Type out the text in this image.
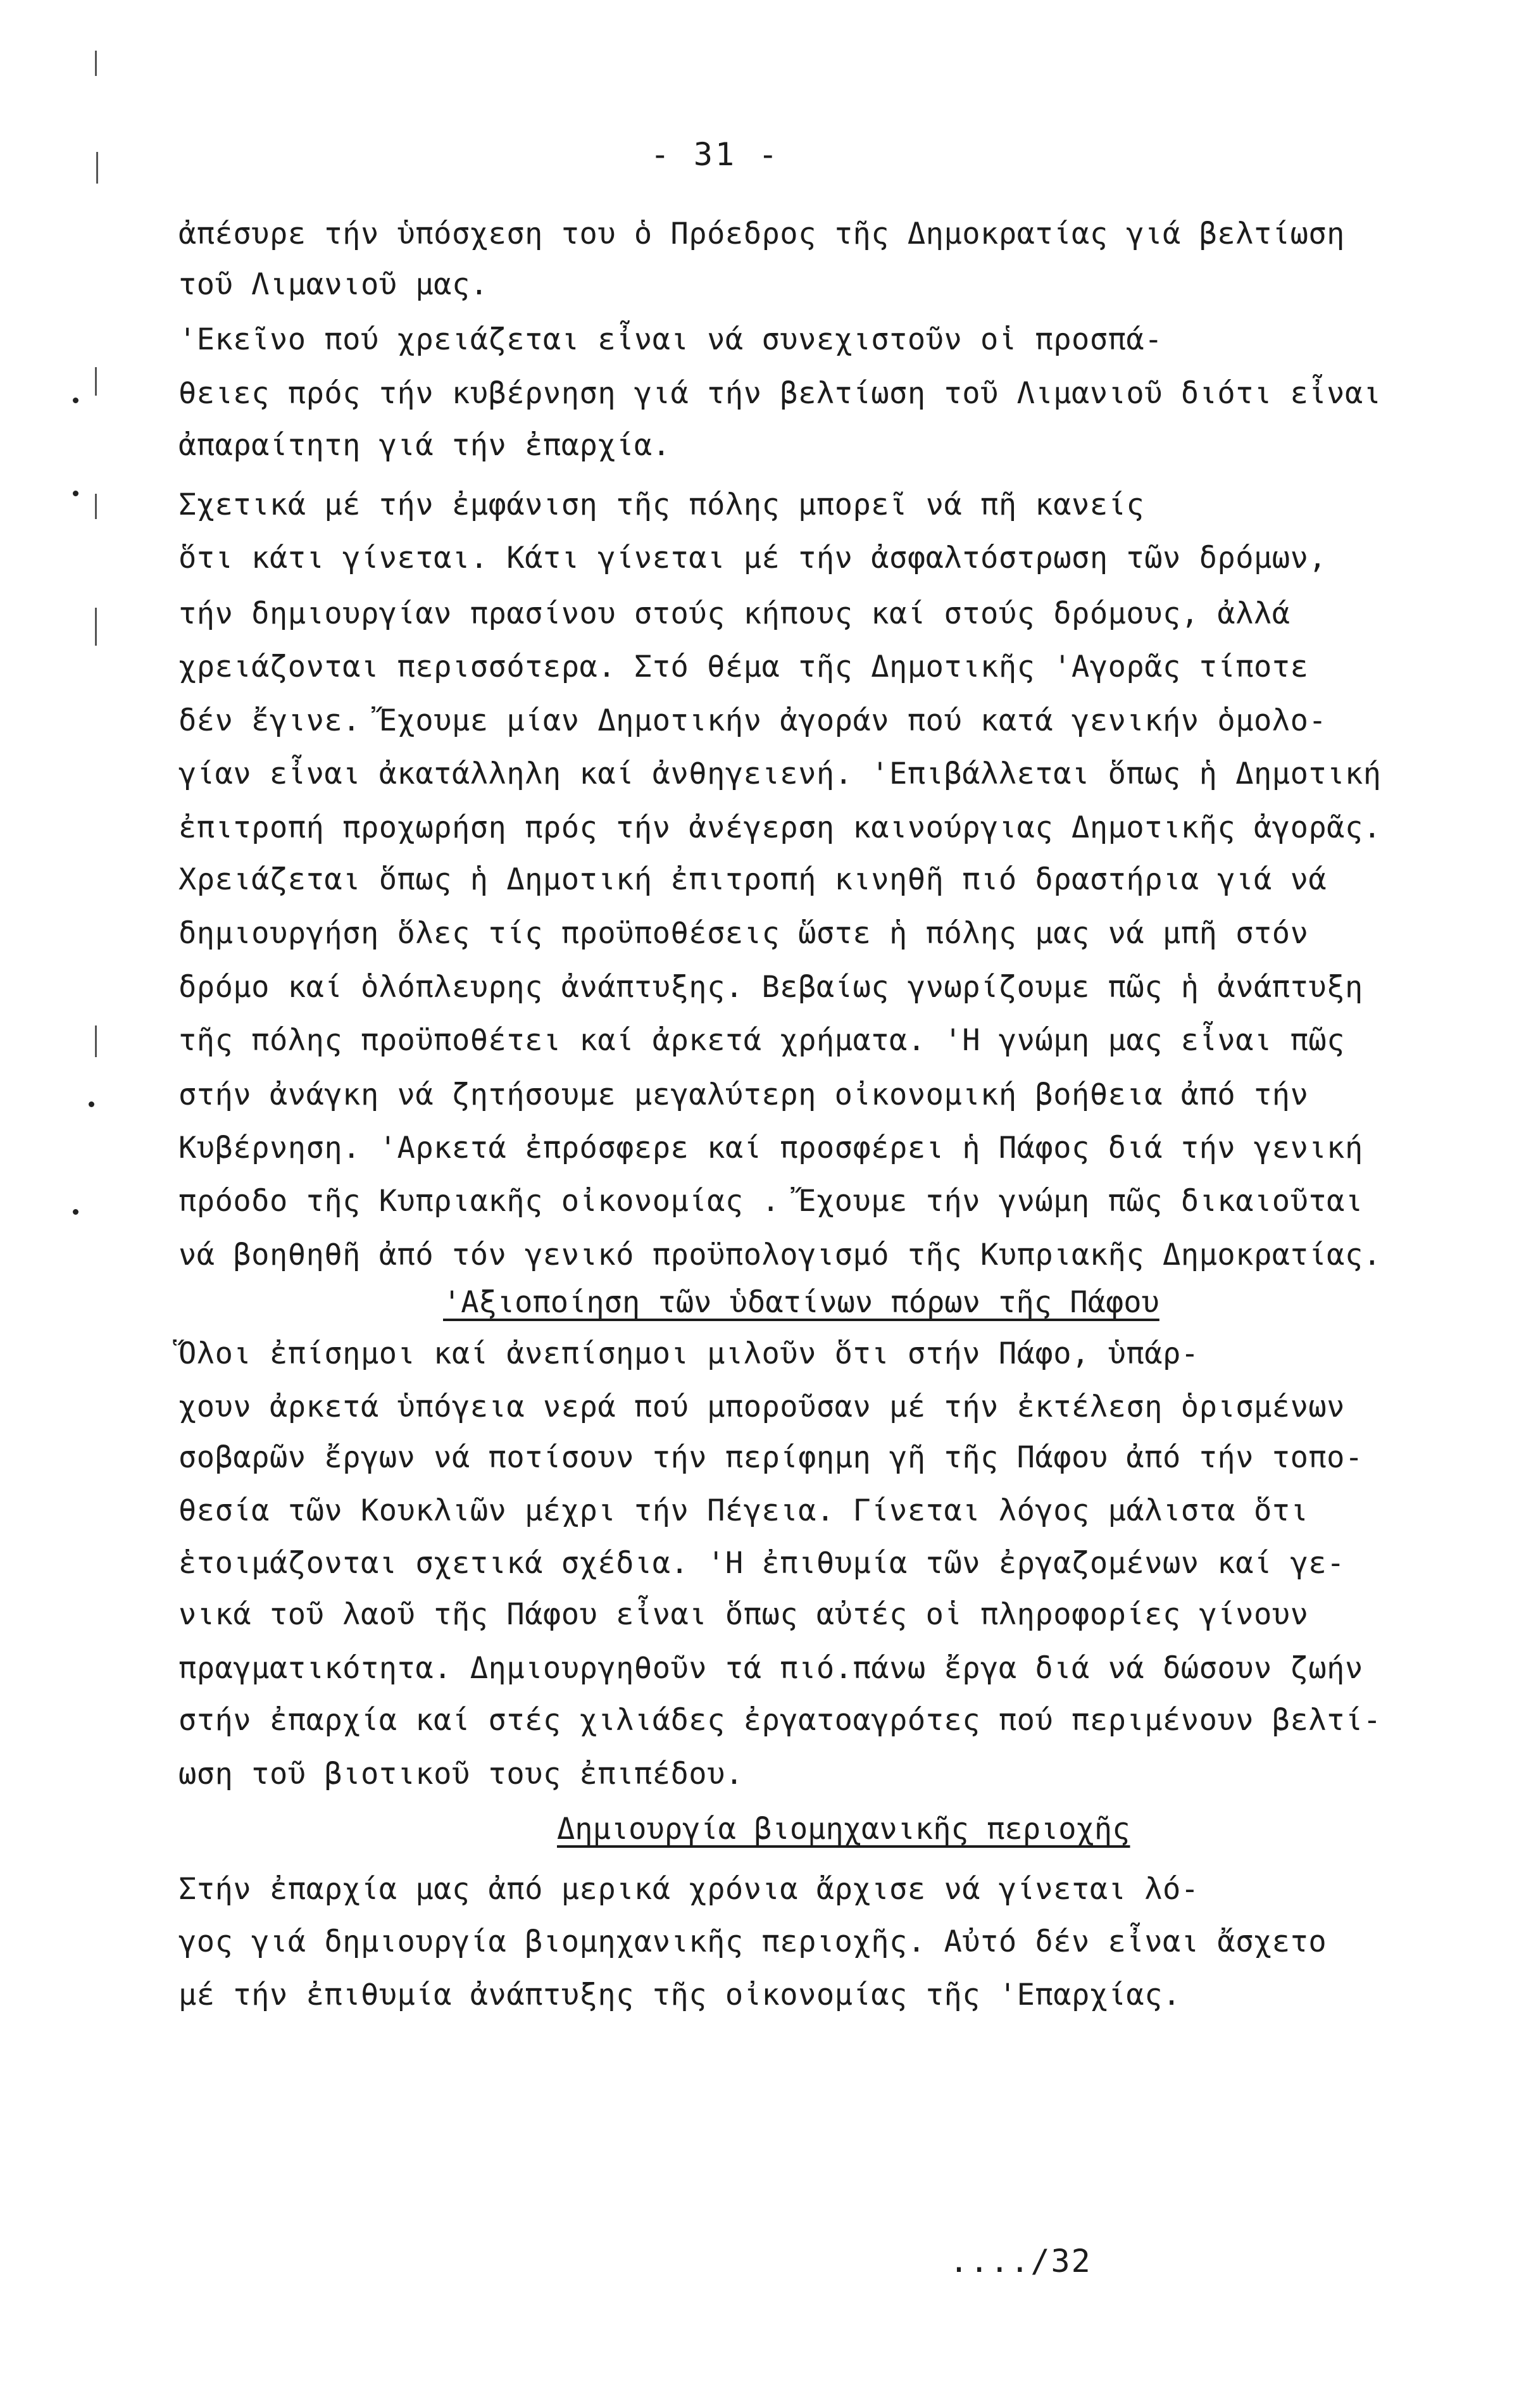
- 31 -
ἀπέσυρε τήν ὑπόσχεση του ὁ Πρόεδρος τῆς Δημοκρατίας γιά βελτίωση
τοῦ Λιμανιοῦ μας.
'Εκεῖνο πού χρειάζεται εἶναι νά συνεχιστοῦν οἱ προσπά-
θειες πρός τήν κυβέρνηση γιά τήν βελτίωση τοῦ Λιμανιοῦ διότι εἶναι
ἀπαραίτητη γιά τήν ἐπαρχία.
Σχετικά μέ τήν ἐμφάνιση τῆς πόλης μπορεῖ νά πῆ κανείς
ὅτι κάτι γίνεται. Κάτι γίνεται μέ τήν ἀσφαλτόστρωση τῶν δρόμων,
τήν δημιουργίαν πρασίνου στούς κήπους καί στούς δρόμους, ἀλλά
χρειάζονται περισσότερα. Στό θέμα τῆς Δημοτικῆς 'Αγορᾶς τίποτε
δέν ἔγινε. Ἔχουμε μίαν Δημοτικήν ἀγοράν πού κατά γενικήν ὁμολο-
γίαν εἶναι ἀκατάλληλη καί ἀνθηγειενή. 'Επιβάλλεται ὅπως ἡ Δημοτική
ἐπιτροπή προχωρήση πρός τήν ἀνέγερση καινούργιας Δημοτικῆς ἀγορᾶς.
Χρειάζεται ὅπως ἡ Δημοτική ἐπιτροπή κινηθῆ πιό δραστήρια γιά νά
δημιουργήση ὅλες τίς προϋποθέσεις ὥστε ἡ πόλης μας νά μπῆ στόν
δρόμο καί ὁλόπλευρης ἀνάπτυξης. Βεβαίως γνωρίζουμε πῶς ἡ ἀνάπτυξη
τῆς πόλης προϋποθέτει καί ἀρκετά χρήματα. 'Η γνώμη μας εἶναι πῶς
στήν ἀνάγκη νά ζητήσουμε μεγαλύτερη οἰκονομική βοήθεια ἀπό τήν
Κυβέρνηση. 'Αρκετά ἐπρόσφερε καί προσφέρει ἡ Πάφος διά τήν γενική
πρόοδο τῆς Κυπριακῆς οἰκονομίας . Ἔχουμε τήν γνώμη πῶς δικαιοῦται
νά βοηθηθῆ ἀπό τόν γενικό προϋπολογισμό τῆς Κυπριακῆς Δημοκρατίας.
'Αξιοποίηση τῶν ὑδατίνων πόρων τῆς Πάφου
Ὅλοι ἐπίσημοι καί ἀνεπίσημοι μιλοῦν ὅτι στήν Πάφο, ὑπάρ-
χουν ἀρκετά ὑπόγεια νερά πού μποροῦσαν μέ τήν ἐκτέλεση ὁρισμένων
σοβαρῶν ἔργων νά ποτίσουν τήν περίφημη γῆ τῆς Πάφου ἀπό τήν τοπο-
θεσία τῶν Κουκλιῶν μέχρι τήν Πέγεια. Γίνεται λόγος μάλιστα ὅτι
ἑτοιμάζονται σχετικά σχέδια. 'Η ἐπιθυμία τῶν ἐργαζομένων καί γε-
νικά τοῦ λαοῦ τῆς Πάφου εἶναι ὅπως αὐτές οἱ πληροφορίες γίνουν
πραγματικότητα. Δημιουργηθοῦν τά πιό.πάνω ἔργα διά νά δώσουν ζωήν
στήν ἐπαρχία καί στές χιλιάδες ἐργατοαγρότες πού περιμένουν βελτί-
ωση τοῦ βιοτικοῦ τους ἐπιπέδου.
Δημιουργία βιομηχανικῆς περιοχῆς
Στήν ἐπαρχία μας ἀπό μερικά χρόνια ἄρχισε νά γίνεται λό-
γος γιά δημιουργία βιομηχανικῆς περιοχῆς. Αὐτό δέν εἶναι ἄσχετο
μέ τήν ἐπιθυμία ἀνάπτυξης τῆς οἰκονομίας τῆς 'Επαρχίας.
..../32
